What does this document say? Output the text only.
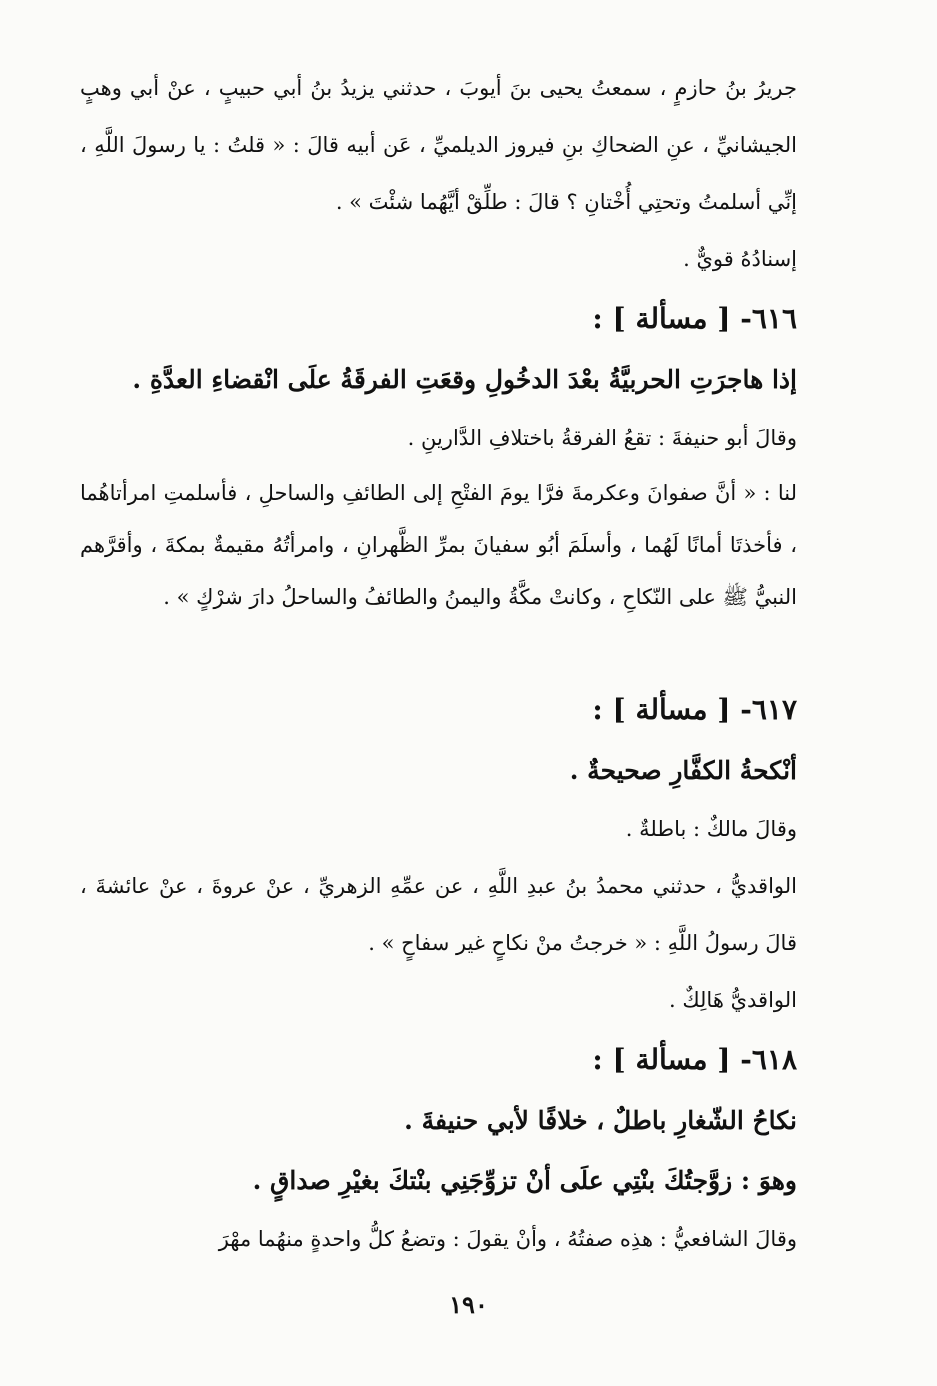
جريرُ بنُ حازمٍ ، سمعتُ يحيى بنَ أيوبَ ، حدثني يزيدُ بنُ أبي حبيبٍ ، عنْ أبي وهبٍ الجيشانيِّ ، عنِ الضحاكِ بنِ فيروز الديلميِّ ، عَن أبيه قالَ : « قلتُ : يا رسولَ اللَّهِ ، إنِّي أسلمتُ وتحتِي أُخْتانِ ؟ قالَ : طلِّقْ أيَّهُما شئْتَ » .

إسنادُهُ قويٌّ .

٦١٦- [ مسألة ] :

إذا هاجرَتِ الحربيَّةُ بعْدَ الدخُولِ وقعَتِ الفرقَةُ علَى انْقضاءِ العدَّةِ .

وقالَ أبو حنيفةَ : تقعُ الفرقةُ باختلافِ الدَّارينِ .

لنا : « أنَّ صفوانَ وعكرمةَ فرَّا يومَ الفتْحِ إلى الطائفِ والساحلِ ، فأسلمتِ امرأتاهُما ، فأخذتَا أمانًا لَهُما ، وأسلَمَ أبُو سفيانَ بمرِّ الظَّهرانِ ، وامرأتُهُ مقيمةٌ بمكةَ ، وأقرَّهم النبيُّ ﷺ على النّكاحِ ، وكانتْ مكَّةُ واليمنُ والطائفُ والساحلُ دارَ شرْكٍ » .

٦١٧- [ مسألة ] :

أنْكحةُ الكفَّارِ صحيحةٌ .

وقالَ مالكٌ : باطلةٌ .

الواقديُّ ، حدثني محمدُ بنُ عبدِ اللَّهِ ، عن عمِّهِ الزهريِّ ، عنْ عروةَ ، عنْ عائشةَ ، قالَ رسولُ اللَّهِ : « خرجتُ منْ نكاحٍ غير سفاحٍ » .

الواقديُّ هَالِكٌ .

٦١٨- [ مسألة ] :

نكاحُ الشّغارِ باطلٌ ، خلافًا لأبي حنيفةَ .

وهوَ : زوَّجتُكَ بنْتِي علَى أنْ تزوِّجَنِي بنْتكَ بغيْرِ صداقٍ .

وقالَ الشافعيُّ : هذِه صفتُهُ ، وأنْ يقولَ : وتضعُ كلُّ واحدةٍ منهُما مهْرَ

١٩٠
